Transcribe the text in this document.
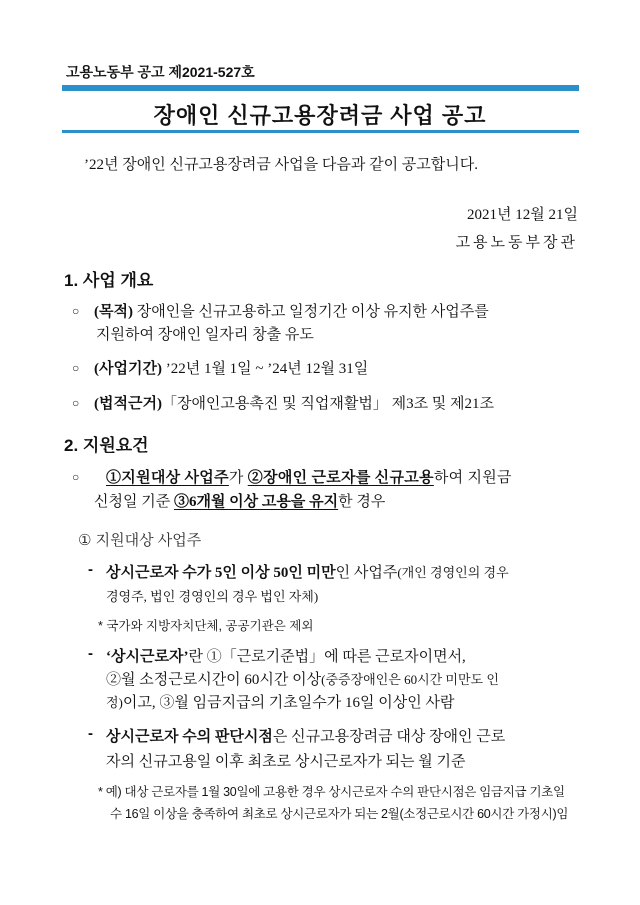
고용노동부 공고 제2021-527호
장애인 신규고용장려금 사업 공고
’22년 장애인 신규고용장려금 사업을 다음과 같이 공고합니다.
2021년 12월 21일
고용노동부장관
1. 사업 개요
○ (목적) 장애인을 신규고용하고 일정기간 이상 유지한 사업주를
지원하여 장애인 일자리 창출 유도
○ (사업기간) ’22년 1월 1일 ~ ’24년 12월 31일
○ (법적근거)「장애인고용촉진 및 직업재활법」 제3조 및 제21조
2. 지원요건
○ ①지원대상 사업주가 ②장애인 근로자를 신규고용하여 지원금
신청일 기준 ③6개월 이상 고용을 유지한 경우
① 지원대상 사업주
- 상시근로자 수가 5인 이상 50인 미만인 사업주(개인 경영인의 경우
경영주, 법인 경영인의 경우 법인 자체)
* 국가와 지방자치단체, 공공기관은 제외
- ‘상시근로자’란 ①「근로기준법」에 따른 근로자이면서,
②월 소정근로시간이 60시간 이상(중증장애인은 60시간 미만도 인
정)이고, ③월 임금지급의 기초일수가 16일 이상인 사람
- 상시근로자 수의 판단시점은 신규고용장려금 대상 장애인 근로
자의 신규고용일 이후 최초로 상시근로자가 되는 월 기준
* 예) 대상 근로자를 1월 30일에 고용한 경우 상시근로자 수의 판단시점은 임금지급 기초일
수 16일 이상을 충족하여 최초로 상시근로자가 되는 2월(소정근로시간 60시간 가정시)임
